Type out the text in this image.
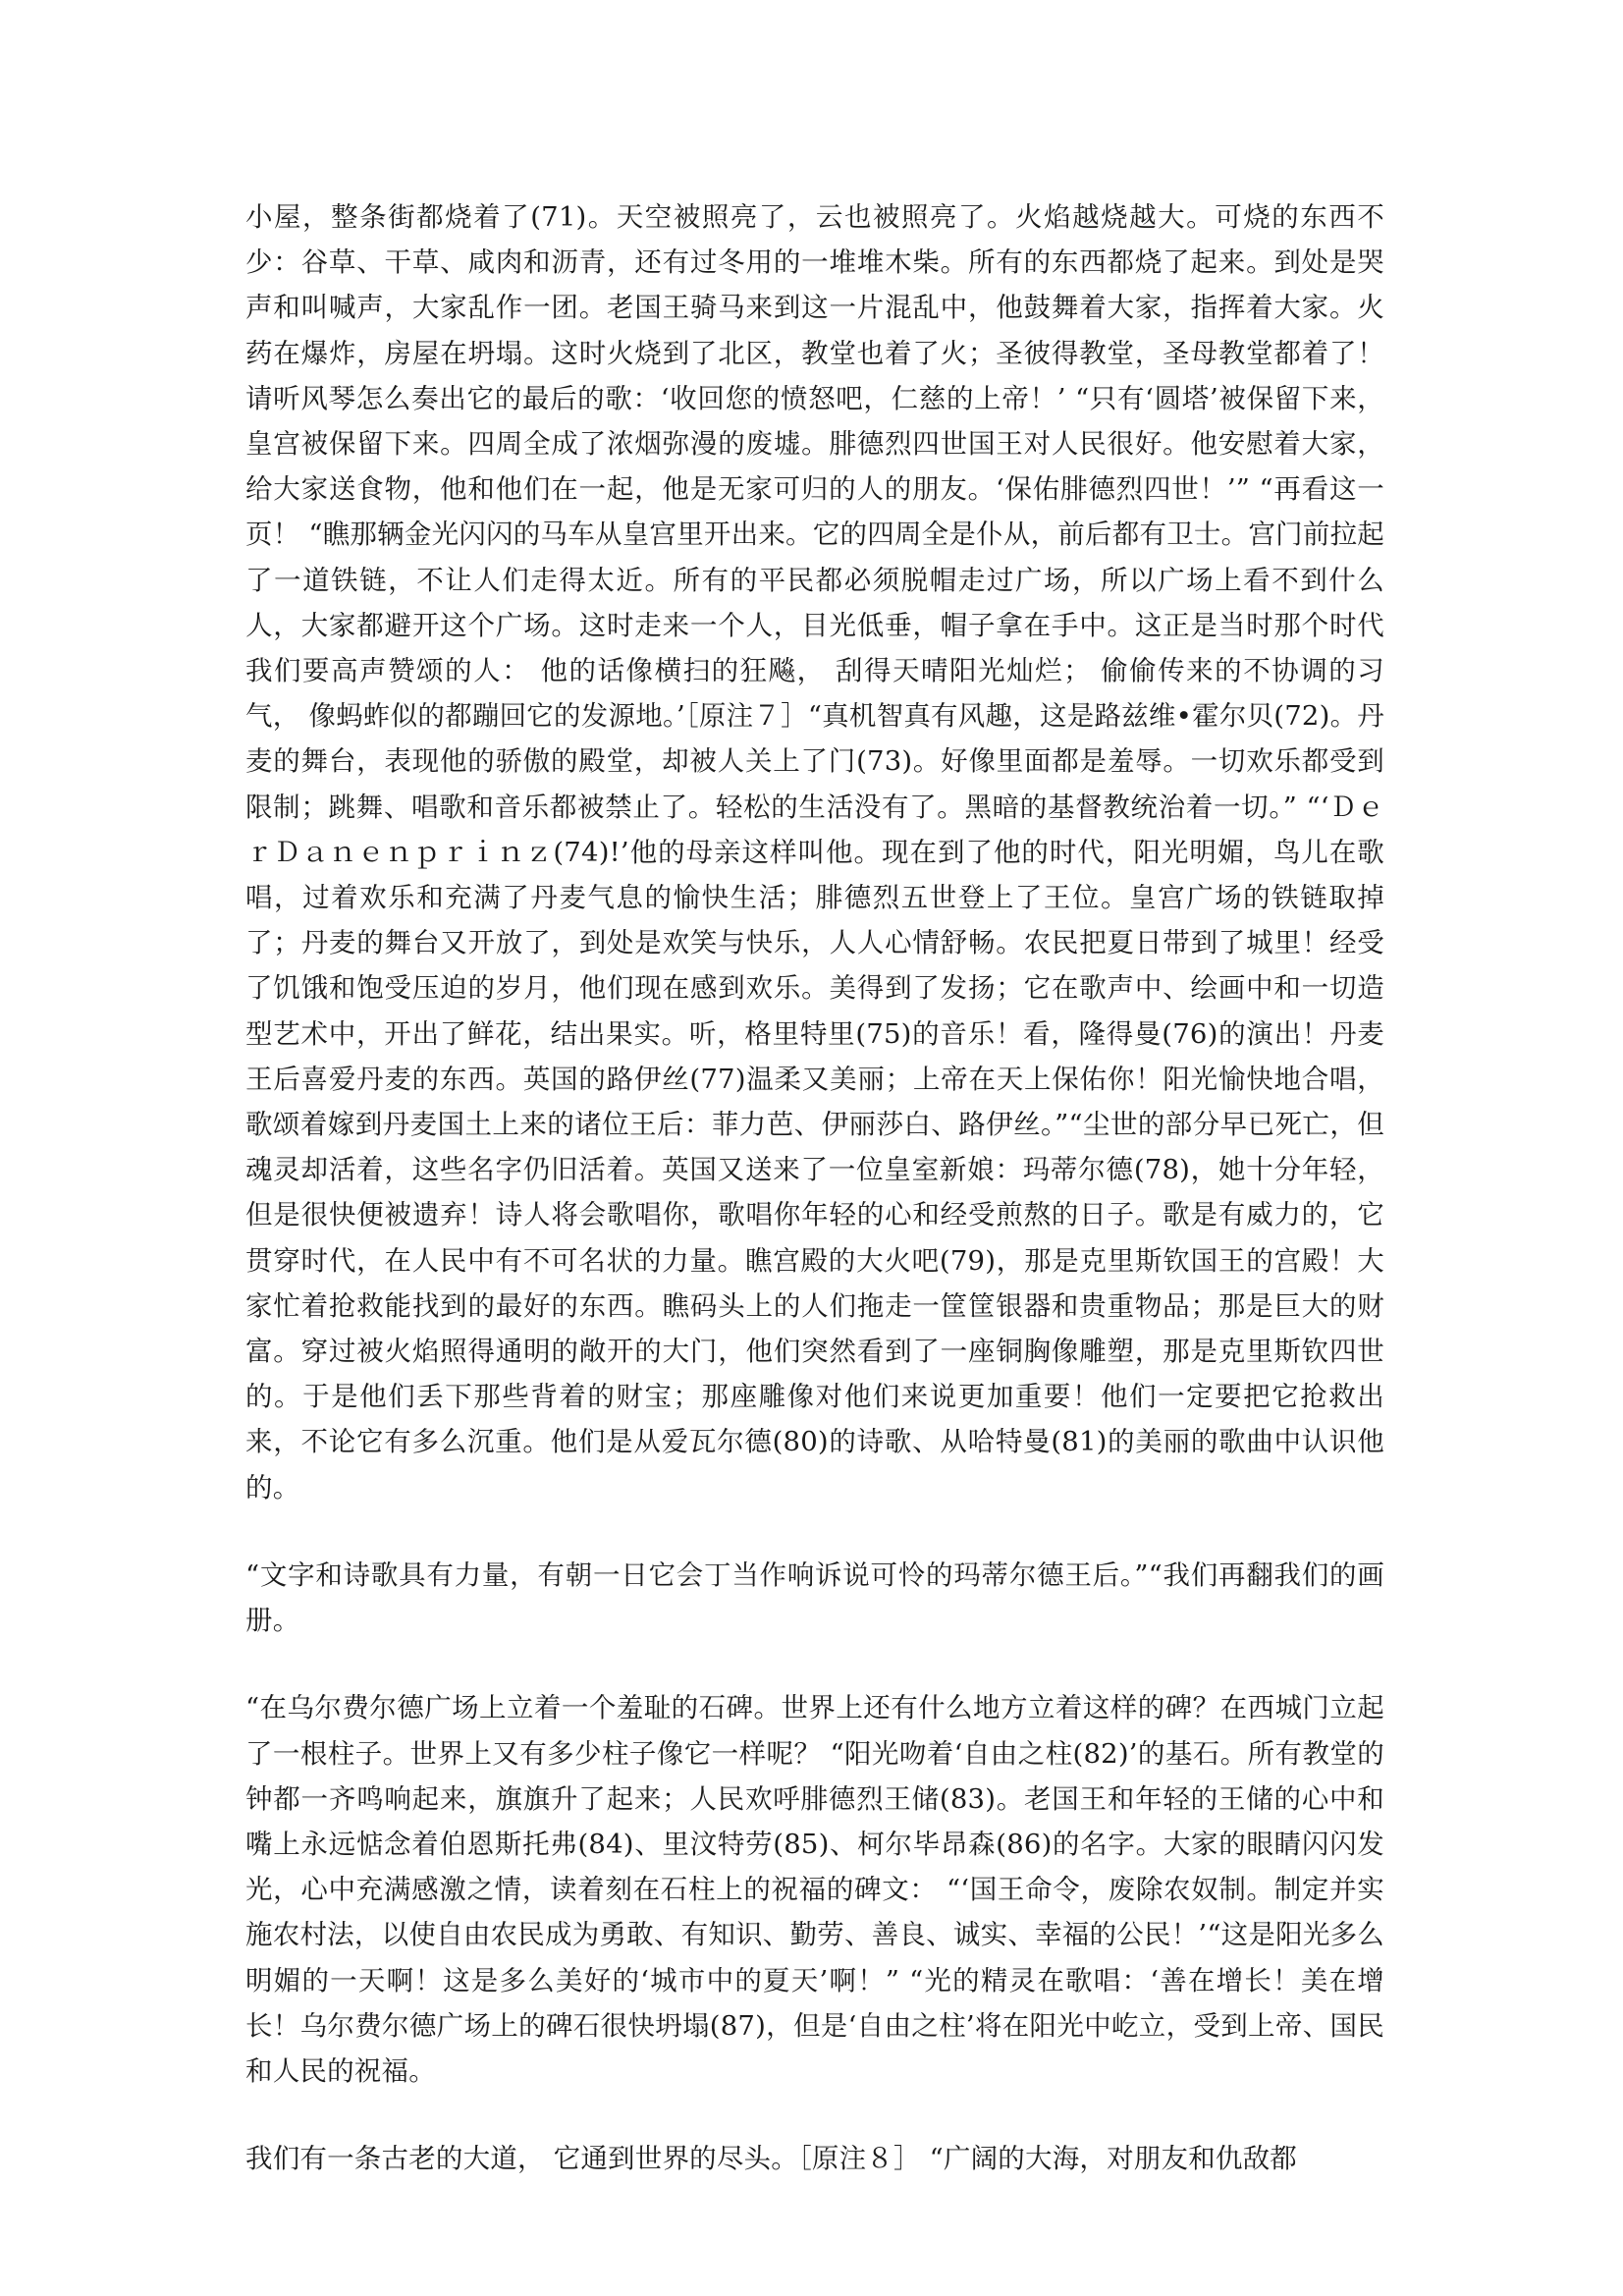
小屋，整条街都烧着了(71)。天空被照亮了，云也被照亮了。火焰越烧越大。可烧的东西不少：谷草、干草、咸肉和沥青，还有过冬用的一堆堆木柴。所有的东西都烧了起来。到处是哭声和叫喊声，大家乱作一团。老国王骑马来到这一片混乱中，他鼓舞着大家，指挥着大家。火药在爆炸，房屋在坍塌。这时火烧到了北区，教堂也着了火；圣彼得教堂，圣母教堂都着了！请听风琴怎么奏出它的最后的歌：‘收回您的愤怒吧，仁慈的上帝！’ “只有‘圆塔’被保留下来，皇宫被保留下来。四周全成了浓烟弥漫的废墟。腓德烈四世国王对人民很好。他安慰着大家，给大家送食物，他和他们在一起，他是无家可归的人的朋友。‘保佑腓德烈四世！’” “再看这一页！ “瞧那辆金光闪闪的马车从皇宫里开出来。它的四周全是仆从，前后都有卫士。宫门前拉起了一道铁链，不让人们走得太近。所有的平民都必须脱帽走过广场，所以广场上看不到什么人，大家都避开这个广场。这时走来一个人，目光低垂，帽子拿在手中。这正是当时那个时代我们要高声赞颂的人： 他的话像横扫的狂飚， 刮得天晴阳光灿烂； 偷偷传来的不协调的习气， 像蚂蚱似的都蹦回它的发源地。’［原注７］“真机智真有风趣，这是路兹维•霍尔贝(72)。丹麦的舞台，表现他的骄傲的殿堂，却被人关上了门(73)。好像里面都是羞辱。一切欢乐都受到限制；跳舞、唱歌和音乐都被禁止了。轻松的生活没有了。黑暗的基督教统治着一切。” “‘ＤｅｒＤａｎｅｎｐｒｉｎｚ(74)!’他的母亲这样叫他。现在到了他的时代，阳光明媚，鸟儿在歌唱，过着欢乐和充满了丹麦气息的愉快生活；腓德烈五世登上了王位。皇宫广场的铁链取掉了；丹麦的舞台又开放了，到处是欢笑与快乐，人人心情舒畅。农民把夏日带到了城里！经受了饥饿和饱受压迫的岁月，他们现在感到欢乐。美得到了发扬；它在歌声中、绘画中和一切造型艺术中，开出了鲜花，结出果实。听，格里特里(75)的音乐！看，隆得曼(76)的演出！丹麦王后喜爱丹麦的东西。英国的路伊丝(77)温柔又美丽；上帝在天上保佑你！阳光愉快地合唱，歌颂着嫁到丹麦国土上来的诸位王后：菲力芭、伊丽莎白、路伊丝。”“尘世的部分早已死亡，但魂灵却活着，这些名字仍旧活着。英国又送来了一位皇室新娘：玛蒂尔德(78)，她十分年轻，但是很快便被遗弃！诗人将会歌唱你，歌唱你年轻的心和经受煎熬的日子。歌是有威力的，它贯穿时代，在人民中有不可名状的力量。瞧宫殿的大火吧(79)，那是克里斯钦国王的宫殿！大家忙着抢救能找到的最好的东西。瞧码头上的人们拖走一筐筐银器和贵重物品；那是巨大的财富。穿过被火焰照得通明的敞开的大门，他们突然看到了一座铜胸像雕塑，那是克里斯钦四世的。于是他们丢下那些背着的财宝；那座雕像对他们来说更加重要！他们一定要把它抢救出来，不论它有多么沉重。他们是从爱瓦尔德(80)的诗歌、从哈特曼(81)的美丽的歌曲中认识他的。

“文字和诗歌具有力量，有朝一日它会丁当作响诉说可怜的玛蒂尔德王后。”“我们再翻我们的画册。

“在乌尔费尔德广场上立着一个羞耻的石碑。世界上还有什么地方立着这样的碑？在西城门立起了一根柱子。世界上又有多少柱子像它一样呢？ “阳光吻着‘自由之柱(82)’的基石。所有教堂的钟都一齐鸣响起来，旗旗升了起来；人民欢呼腓德烈王储(83)。老国王和年轻的王储的心中和嘴上永远惦念着伯恩斯托弗(84)、里汶特劳(85)、柯尔毕昂森(86)的名字。大家的眼睛闪闪发光，心中充满感激之情，读着刻在石柱上的祝福的碑文： “‘国王命令，废除农奴制。制定并实施农村法，以使自由农民成为勇敢、有知识、勤劳、善良、诚实、幸福的公民！’“这是阳光多么明媚的一天啊！这是多么美好的‘城市中的夏天’啊！” “光的精灵在歌唱：‘善在增长！美在增长！乌尔费尔德广场上的碑石很快坍塌(87)，但是‘自由之柱’将在阳光中屹立，受到上帝、国民和人民的祝福。

我们有一条古老的大道， 它通到世界的尽头。［原注８］ “广阔的大海，对朋友和仇敌都
